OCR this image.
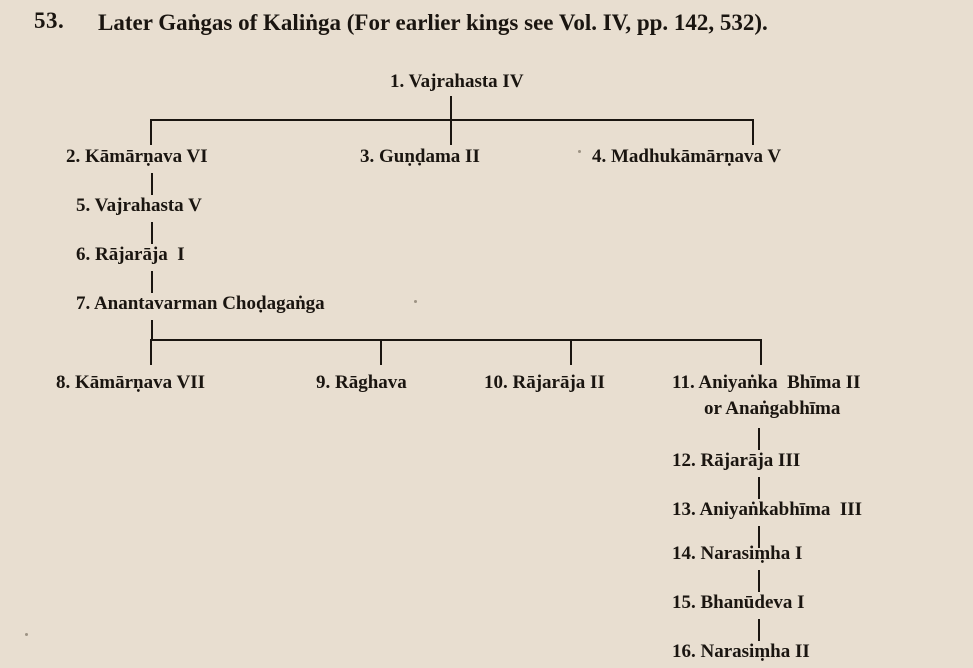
53.	Later Gaṅgas of Kaliṅga (For earlier kings see Vol. IV, pp. 142, 532).
1. Vajrahasta IV
2. Kāmārṇava VI	3. Guṇḍama II	4. Madhukāmārṇava V
5. Vajrahasta V
6. Rājarāja  I
7. Anantavarman Choḍagaṅga
8. Kāmārṇava VII	9. Rāghava	10. Rājarāja II	11. Aniyaṅka  Bhīma II
or Anaṅgabhīma
12. Rājarāja III
13. Aniyaṅkabhīma  III
14. Narasiṃha I
15. Bhanūdeva I
16. Narasiṃha II
